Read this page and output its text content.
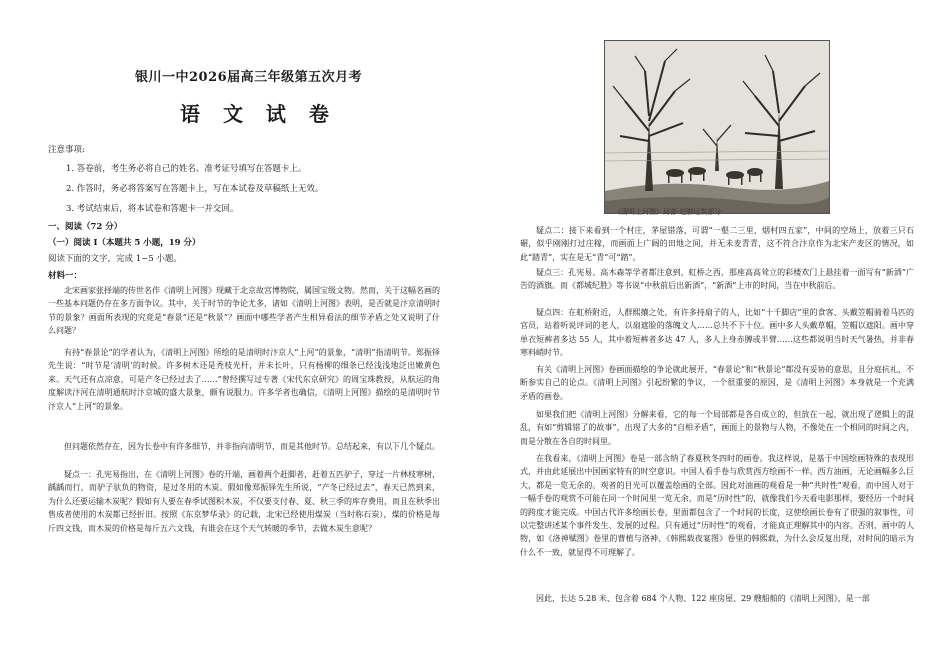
银川一中2026届高三年级第五次月考
语 文 试 卷
注意事项:
1. 答卷前，考生务必将自己的姓名、准考证号填写在答题卡上。
2. 作答时，务必将答案写在答题卡上，写在本试卷及草稿纸上无效。
3. 考试结束后，将本试卷和答题卡一并交回。
一、阅读（72 分）
（一）阅读 I（本题共 5 小题，19 分）
阅读下面的文字，完成 1~5 小题。
材料一：

北宋画家张择端的传世名作《清明上河图》现藏于北京故宫博物院，属国宝级文物。然而，关于这幅名画的一些基本问题仍存在多方面争议。其中，关于时节的争论尤多，诸如《清明上河图》表明，是否就是汴京清明时节的景象？画面所表现的究竟是“春景”还是“秋景”？画面中哪些学者产生相异看法的细节矛盾之处又说明了什么问题？

有持“春景论”的学者认为，《清明上河图》所绘的是清明时汴京人“上河”的景象，“清明”指清明节。郑振铎先生说：“时节是‘清明’的时候。许多树木还是秃枝光杆，并未长叶，只有杨柳的细条已经浅浅地泛出嫩黄色来。天气还有点凉意，可是产冬已经过去了……”曾经撰写过专著《宋代东京研究》的周宝珠教授，从航运的角度解读汴河在清明通航时汴京城的盛大景象，颇有说服力。许多学者也确信，《清明上河图》描绘的是清明时节汴京人“上河”的景象。

但问题依然存在，因为长卷中有许多细节，并非指向清明节，而是其他时节。总结起来，有以下几个疑点。

疑点一：孔宪易指出，在《清明上河图》卷的开端，画着两个赶脚者，赶着五匹驴子，穿过一片林枝寒树，踽踽而行，而驴子驮负的物资，是过冬用的木炭。假如像郑振铎先生所说，“产冬已经过去”，春天已然到来，为什么还要运输木炭呢？假如有人要在春季试图积木炭，不仅要支付春、夏、秋三季的库存费用，而且在秋季出售成者使用的木炭都已经折旧。按照《东京梦华录》的记载，北宋已经使用煤炭（当时称石炭），煤的价格是每斤四文钱，而木炭的价格是每斤五六文钱，有谁会在这个天气转暖的季节，去做木炭生意呢？

《清明上河图》局部·赶脚运炭部分

疑点二：接下来看到一个村庄，茅屋错落，可谓“一壑二三里，烟村四五家”，中间的空场上，放着三只石碾，似乎刚刚打过庄稼，而画面上广阔的田地之间，并无未麦青青，这不符合汴京作为北宋产麦区的情况，如此“踏青”，实在是无“青”可“踏”。

疑点三：孔宪易、高木森等学者都注意到，虹桥之西，那座高高耸立的彩楼欢门上悬挂着一面写有“新酒”广告的酒旗。而《都城纪胜》等书说“中秋前后出新酒”，“新酒”上市的时间，当在中秋前后。

疑点四：在虹桥附近，人群熙攘之处，有许多持扇子的人，比如“十千脚店”里的食客、头戴笠帽骑着马匹的官员，站着听说评词的老人，以扇遮脸的落魄文人……总共不下十位。画中多人头戴草帽，笠帽以遮阳。画中穿单衣短裤者多达 55 人，其中着短裤者多达 47 人，多人上身赤膊或半臂……这些都说明当时天气暑热，并非春寒料峭时节。

有关《清明上河图》卷画面描绘的争论就此展开，“春景论”和“秋景论”都没有妥协的意思，且分庭抗礼，不断参实自己的论点。《清明上河图》引起纷繁的争议，一个很重要的原因，是《清明上河图》本身就是一个充满矛盾的画卷。

如果我们把《清明上河图》分解来看，它的每一个局部都是各自成立的，但放在一起，就出现了逻辑上的混乱，有如“剪辑错了的故事”，出现了大多的“自相矛盾”，画面上的景物与人物，不像处在一个相同的时间之内，而是分散在各自的时间里。

在我看来，《清明上河图》卷是一部含纳了春夏秋冬四时的画卷。我这样说，是基于中国绘画特殊的表现形式，并由此延展出中国画家特有的时空意识。中国人看手卷与欣赏西方绘画不一样。西方油画，无论画幅多么巨大，都是一览无余的。观者的目光可以覆盖绘画的全部。因此对油画的观看是一种“共时性”观看，而中国人对于一幅手卷的观赏不可能在同一个时间里一览无余，而是“历时性”的，就像我们今天看电影那样，要经历一个时间的跨度才能完成。中国古代许多绘画长卷，里面都包含了一个时间的长度，这使绘画长卷有了很强的叙事性，可以完整讲述某个事件发生、发展的过程。只有通过“历时性”的观看，才能真正理解其中的内容。否则，画中的人物，如《洛神赋图》卷里的曹植与洛神、《韩熙载夜宴图》卷里的韩熙载，为什么会反复出现，对时间的暗示为什么不一致，就显得不可理解了。

因此，长达 5.28 米、包含着 684 个人物、122 座房屋、29 艘船舶的《清明上河图》，是一部
